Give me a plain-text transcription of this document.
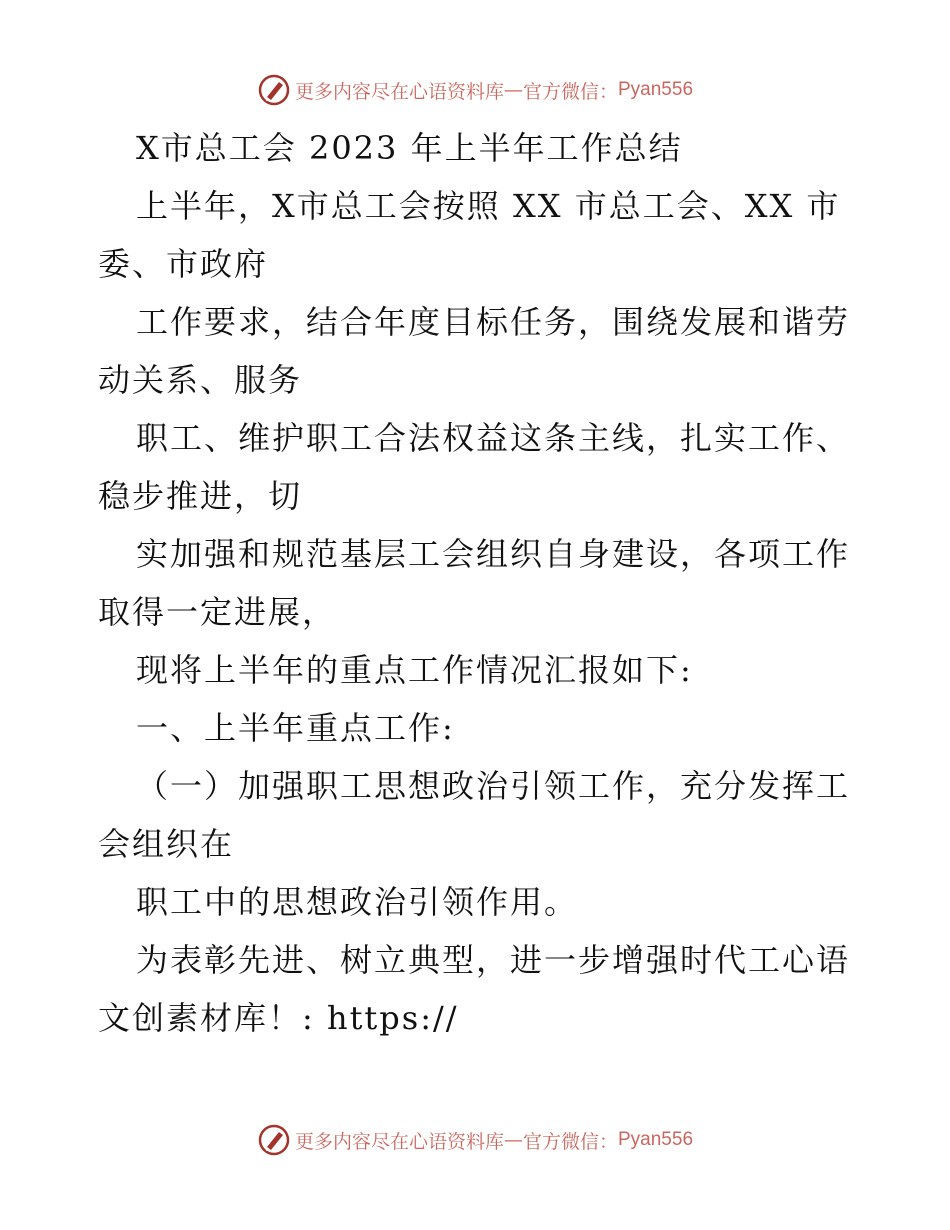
更多内容尽在心语资料库 — 官方微信： Pyan556
X市总工会 2023 年上半年工作总结
上半年，X市总工会按照 XX 市总工会、XX 市
委、市政府
工作要求，结合年度目标任务，围绕发展和谐劳
动关系、服务
职工、维护职工合法权益这条主线，扎实工作、
稳步推进，切
实加强和规范基层工会组织自身建设，各项工作
取得一定进展，
现将上半年的重点工作情况汇报如下:
一、上半年重点工作:
（一）加强职工思想政治引领工作，充分发挥工
会组织在
职工中的思想政治引领作用。
为表彰先进、树立典型，进一步增强时代工心语
文创素材库！: https://
更多内容尽在心语资料库 — 官方微信： Pyan556
